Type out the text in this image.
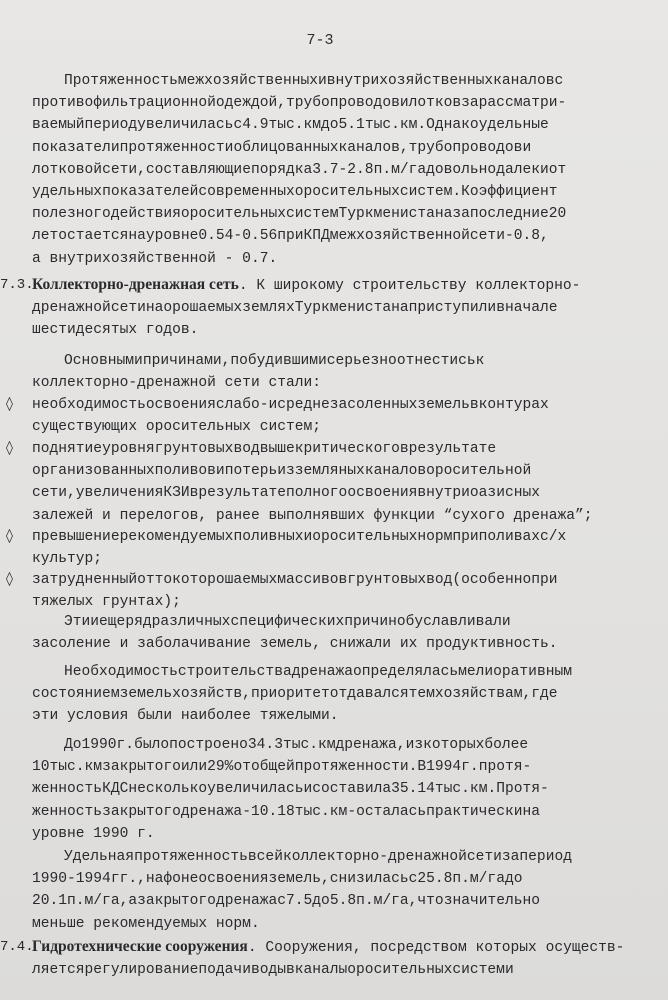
7-3
Протяженностьмежхозяйственныхивнутрихозяйственныхканаловс
противофильтрационнойодеждой,трубопроводовилотковзарассматри-
ваемыйпериодувеличиласьс4.9тыс.кмдо5.1тыс.км.Однакоудельные
показателипротяженностиоблицованныхканалов,трубопроводови
лотковойсети,составляющиепорядка3.7-2.8п.м/гадовольнодалекиот
удельныхпоказателейсовременныхоросительныхсистем.Коэффициент
полезногодействияоросительныхсистемТуркменистаназапоследние20
летостаетсянауровне0.54-0.56приКПДмежхозяйственнойсети-0.8,
а внутрихозяйственной - 0.7.
7.3.
Коллекторно-дренажная сеть. К широкому строительству коллекторно-
дренажнойсетинаорошаемыхземляхТуркменистанаприступиливначале
шестидесятых годов.
Основнымипричинами,побудившимисерьезноотнестиськ
коллекторно-дренажной сети стали:
◊ необходимостьосвоенияслабо-исреднезасоленныхземельвконтурах
существующих оросительных систем;
◊ поднятиеуровнягрунтовыхводвышекритическоговрезультате
организованныхполивовипотерьизземляныхканаловоросительной
сети,увеличенияКЗИврезультатеполногоосвоениявнутриоазисных
залежей и перелогов, ранее выполнявших функции “сухого дренажа”;
◊ превышениерекомендуемыхполивныхиоросительныхнормприполивахс/х
культур;
◊ затрудненныйоттокоторошаемыхмассивовгрунтовыхвод(особеннопри
тяжелых грунтах);
Этииещерядразличныхспецифическихпричинобуславливали
засоление и заболачивание земель, снижали их продуктивность.
Необходимостьстроительствадренажаопределяласьмелиоративным
состояниемземельхозяйств,приоритетотдавалсятемхозяйствам,где
эти условия были наиболее тяжелыми.
До1990г.былопостроено34.3тыс.кмдренажа,изкоторыхболее
10тыс.кмзакрытогоили29%отобщейпротяженности.В1994г.протя-
женностьКДСнесколькоувеличиласьисоставила35.14тыс.км.Протя-
женностьзакрытогодренажа-10.18тыс.км-осталасьпрактическина
уровне 1990 г.
Удельнаяпротяженностьвсейколлекторно-дренажнойсетизапериод
1990-1994гг.,нафонеосвоенияземель,снизиласьс25.8п.м/гадо
20.1п.м/га,азакрытогодренажас7.5до5.8п.м/га,чтозначительно
меньше рекомендуемых норм.
7.4.
Гидротехнические сооружения. Сооружения, посредством которых осуществ-
ляетсярегулированиеподачиводывканалыоросительныхсистеми
